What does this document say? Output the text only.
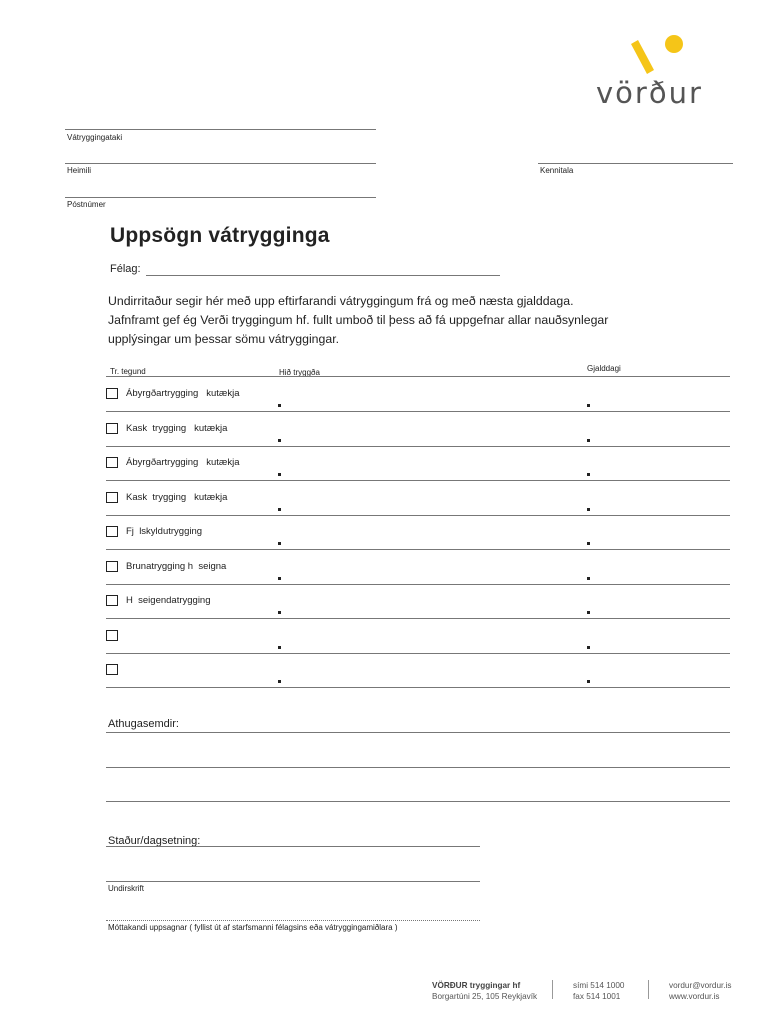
vörður
Vátryggingataki
Heimili	Kennitala
Póstnúmer
Uppsögn vátrygginga
Félag:
Undirritaður segir hér með upp eftirfarandi vátryggingum frá og með næsta gjalddaga.
Jafnframt gef ég Verði tryggingum hf. fullt umboð til þess að fá uppgefnar allar nauðsynlegar
upplýsingar um þessar sömu vátryggingar.
Tr. tegund	Hið tryggða	Gjalddagi
Ábyrgðartrygging   kutækja
Kask  trygging   kutækja
Ábyrgðartrygging   kutækja
Kask  trygging   kutækja
Fj  lskyldutrygging
Brunatrygging h  seigna
H  seigendatrygging
Athugasemdir:
Staður/dagsetning:
Undirskrift
Móttakandi uppsagnar ( fyllist út af starfsmanni félagsins eða vátryggingamiðlara )
VÖRÐUR tryggingar hf
Borgartúni 25, 105 Reykjavík
sími 514 1000
fax 514 1001
vordur@vordur.is
www.vordur.is
